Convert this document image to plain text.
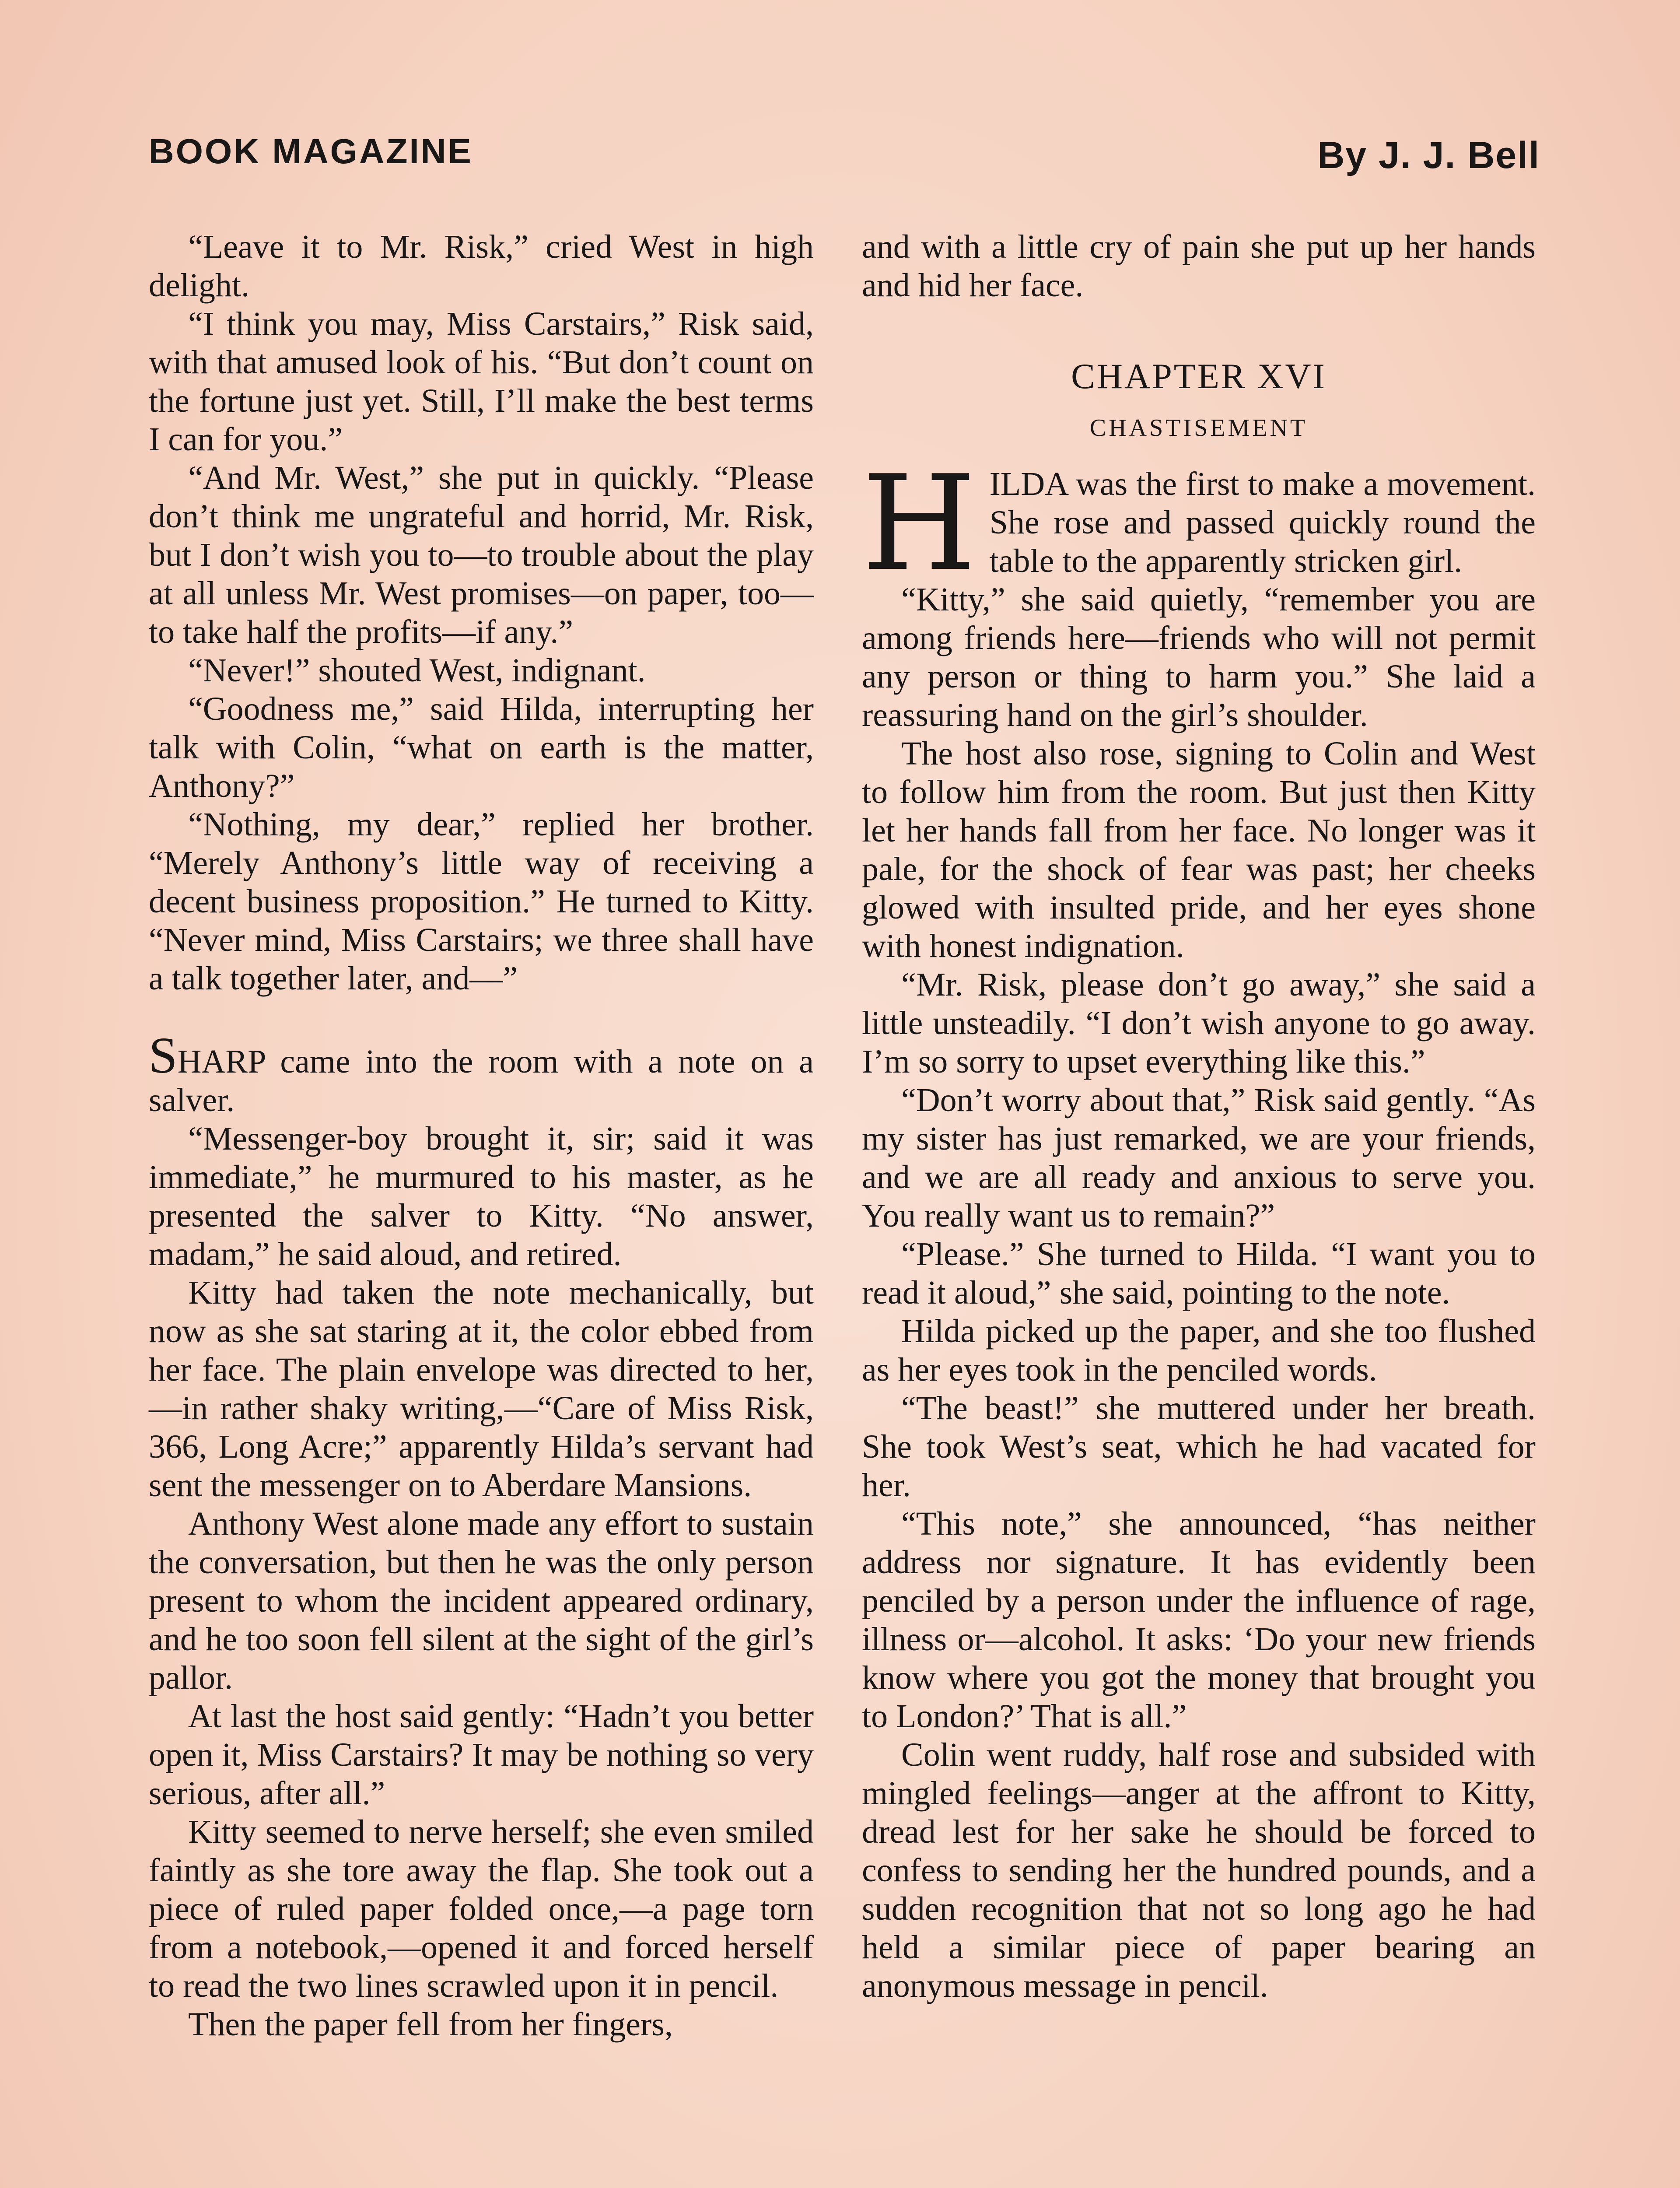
BOOK MAGAZINE	By J. J. Bell

“Leave it to Mr. Risk,” cried West in high delight.

“I think you may, Miss Carstairs,” Risk said, with that amused look of his. “But don’t count on the fortune just yet. Still, I’ll make the best terms I can for you.”

“And Mr. West,” she put in quickly. “Please don’t think me ungrateful and horrid, Mr. Risk, but I don’t wish you to—to trouble about the play at all unless Mr. West promises—on paper, too—to take half the profits—if any.”

“Never!” shouted West, indignant.

“Goodness me,” said Hilda, interrupting her talk with Colin, “what on earth is the matter, Anthony?”

“Nothing, my dear,” replied her brother. “Merely Anthony’s little way of receiving a decent business proposition.” He turned to Kitty. “Never mind, Miss Carstairs; we three shall have a talk together later, and—”

SHARP came into the room with a note on a salver.

“Messenger-boy brought it, sir; said it was immediate,” he murmured to his master, as he presented the salver to Kitty. “No answer, madam,” he said aloud, and retired.

Kitty had taken the note mechanically, but now as she sat staring at it, the color ebbed from her face. The plain envelope was directed to her,—in rather shaky writing,—“Care of Miss Risk, 366, Long Acre;” apparently Hilda’s servant had sent the messenger on to Aberdare Mansions.

Anthony West alone made any effort to sustain the conversation, but then he was the only person present to whom the incident appeared ordinary, and he too soon fell silent at the sight of the girl’s pallor.

At last the host said gently: “Hadn’t you better open it, Miss Carstairs? It may be nothing so very serious, after all.”

Kitty seemed to nerve herself; she even smiled faintly as she tore away the flap. She took out a piece of ruled paper folded once,—a page torn from a notebook,—opened it and forced herself to read the two lines scrawled upon it in pencil.

Then the paper fell from her fingers,

and with a little cry of pain she put up her hands and hid her face.

CHAPTER XVI
CHASTISEMENT

HILDA was the first to make a movement. She rose and passed quickly round the table to the apparently stricken girl.

“Kitty,” she said quietly, “remember you are among friends here—friends who will not permit any person or thing to harm you.” She laid a reassuring hand on the girl’s shoulder.

The host also rose, signing to Colin and West to follow him from the room. But just then Kitty let her hands fall from her face. No longer was it pale, for the shock of fear was past; her cheeks glowed with insulted pride, and her eyes shone with honest indignation.

“Mr. Risk, please don’t go away,” she said a little unsteadily. “I don’t wish anyone to go away. I’m so sorry to upset everything like this.”

“Don’t worry about that,” Risk said gently. “As my sister has just remarked, we are your friends, and we are all ready and anxious to serve you. You really want us to remain?”

“Please.” She turned to Hilda. “I want you to read it aloud,” she said, pointing to the note.

Hilda picked up the paper, and she too flushed as her eyes took in the penciled words.

“The beast!” she muttered under her breath. She took West’s seat, which he had vacated for her.

“This note,” she announced, “has neither address nor signature. It has evidently been penciled by a person under the influence of rage, illness or—alcohol. It asks: ‘Do your new friends know where you got the money that brought you to London?’ That is all.”

Colin went ruddy, half rose and subsided with mingled feelings—anger at the affront to Kitty, dread lest for her sake he should be forced to confess to sending her the hundred pounds, and a sudden recognition that not so long ago he had held a similar piece of paper bearing an anonymous message in pencil.
